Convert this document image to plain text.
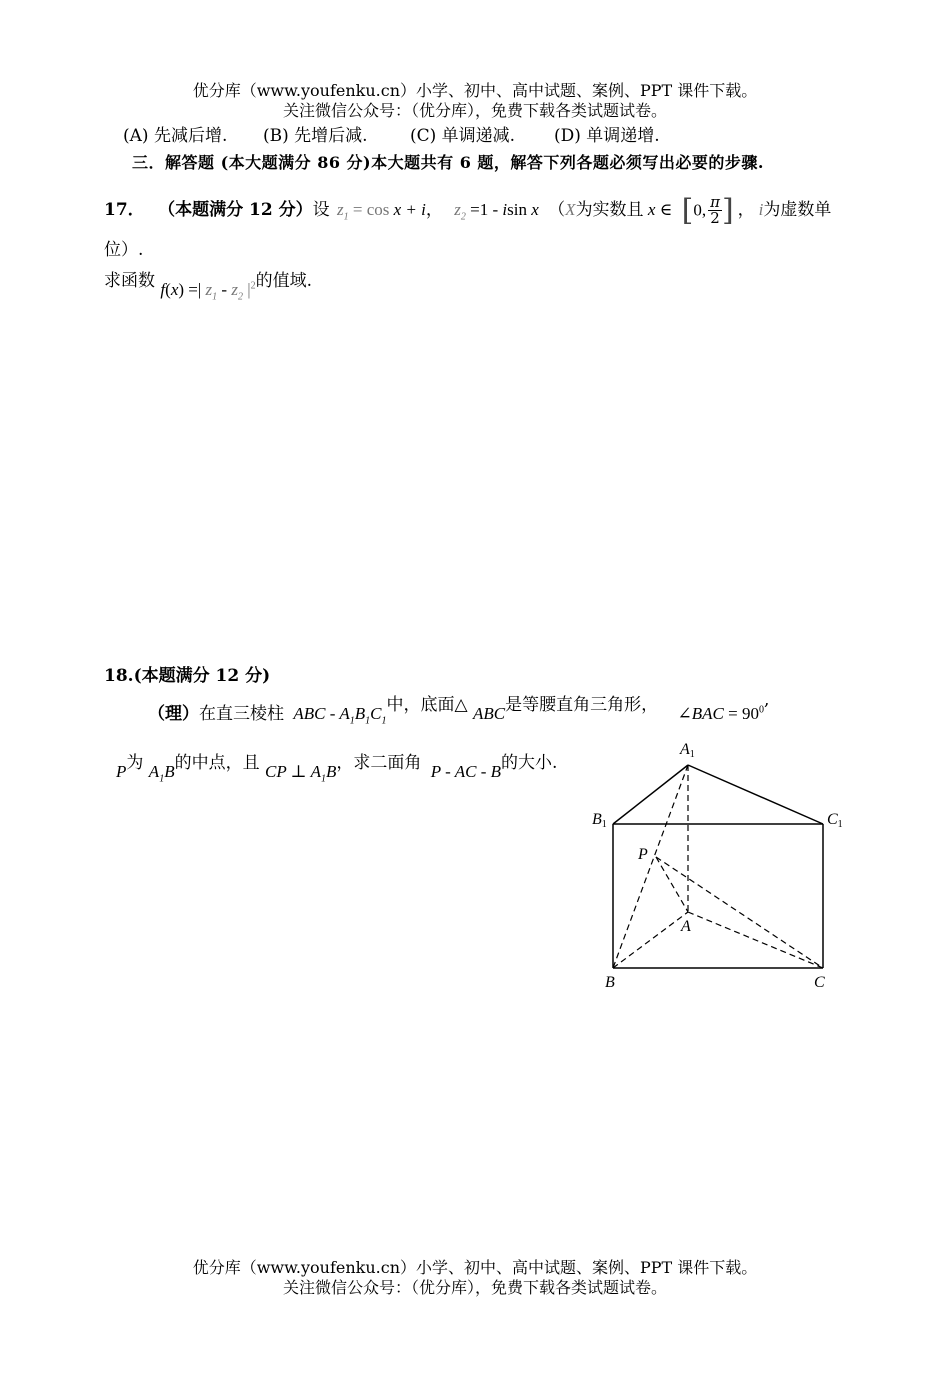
优分库（www.youfenku.cn）小学、初中、高中试题、案例、PPT 课件下载。
关注微信公众号：（优分库），免费下载各类试题试卷。
(A) 先减后增. (B) 先增后减. (C) 单调递减. (D) 单调递增.
三．解答题 (本大题满分 86 分)本大题共有 6 题，解答下列各题必须写出必要的步骤.
17． （本题满分 12 分）设 $z_1 = \cos x + i$， $z_2 =1 - isin$ x （X为实数且 x ∈ [0, $\frac{\pi}{2}$ ] ， i为虚数单
位）.
求函数 f(x) =| $z_1 - z_2$ $|^2$的值域.
18.(本题满分 12 分)
（理）在直三棱柱 ABC - $A_1B_1C_1$中，底面△ ABC是等腰直角三角形， ∠BAC = $90^0$,
P为 $A_1B$的中点，且 CP ⊥ $A_1B$，求二面角 P - AC - B的大小.
A1
B1	C1
P
A
B	C
优分库（www.youfenku.cn）小学、初中、高中试题、案例、PPT 课件下载。
关注微信公众号：（优分库），免费下载各类试题试卷。
